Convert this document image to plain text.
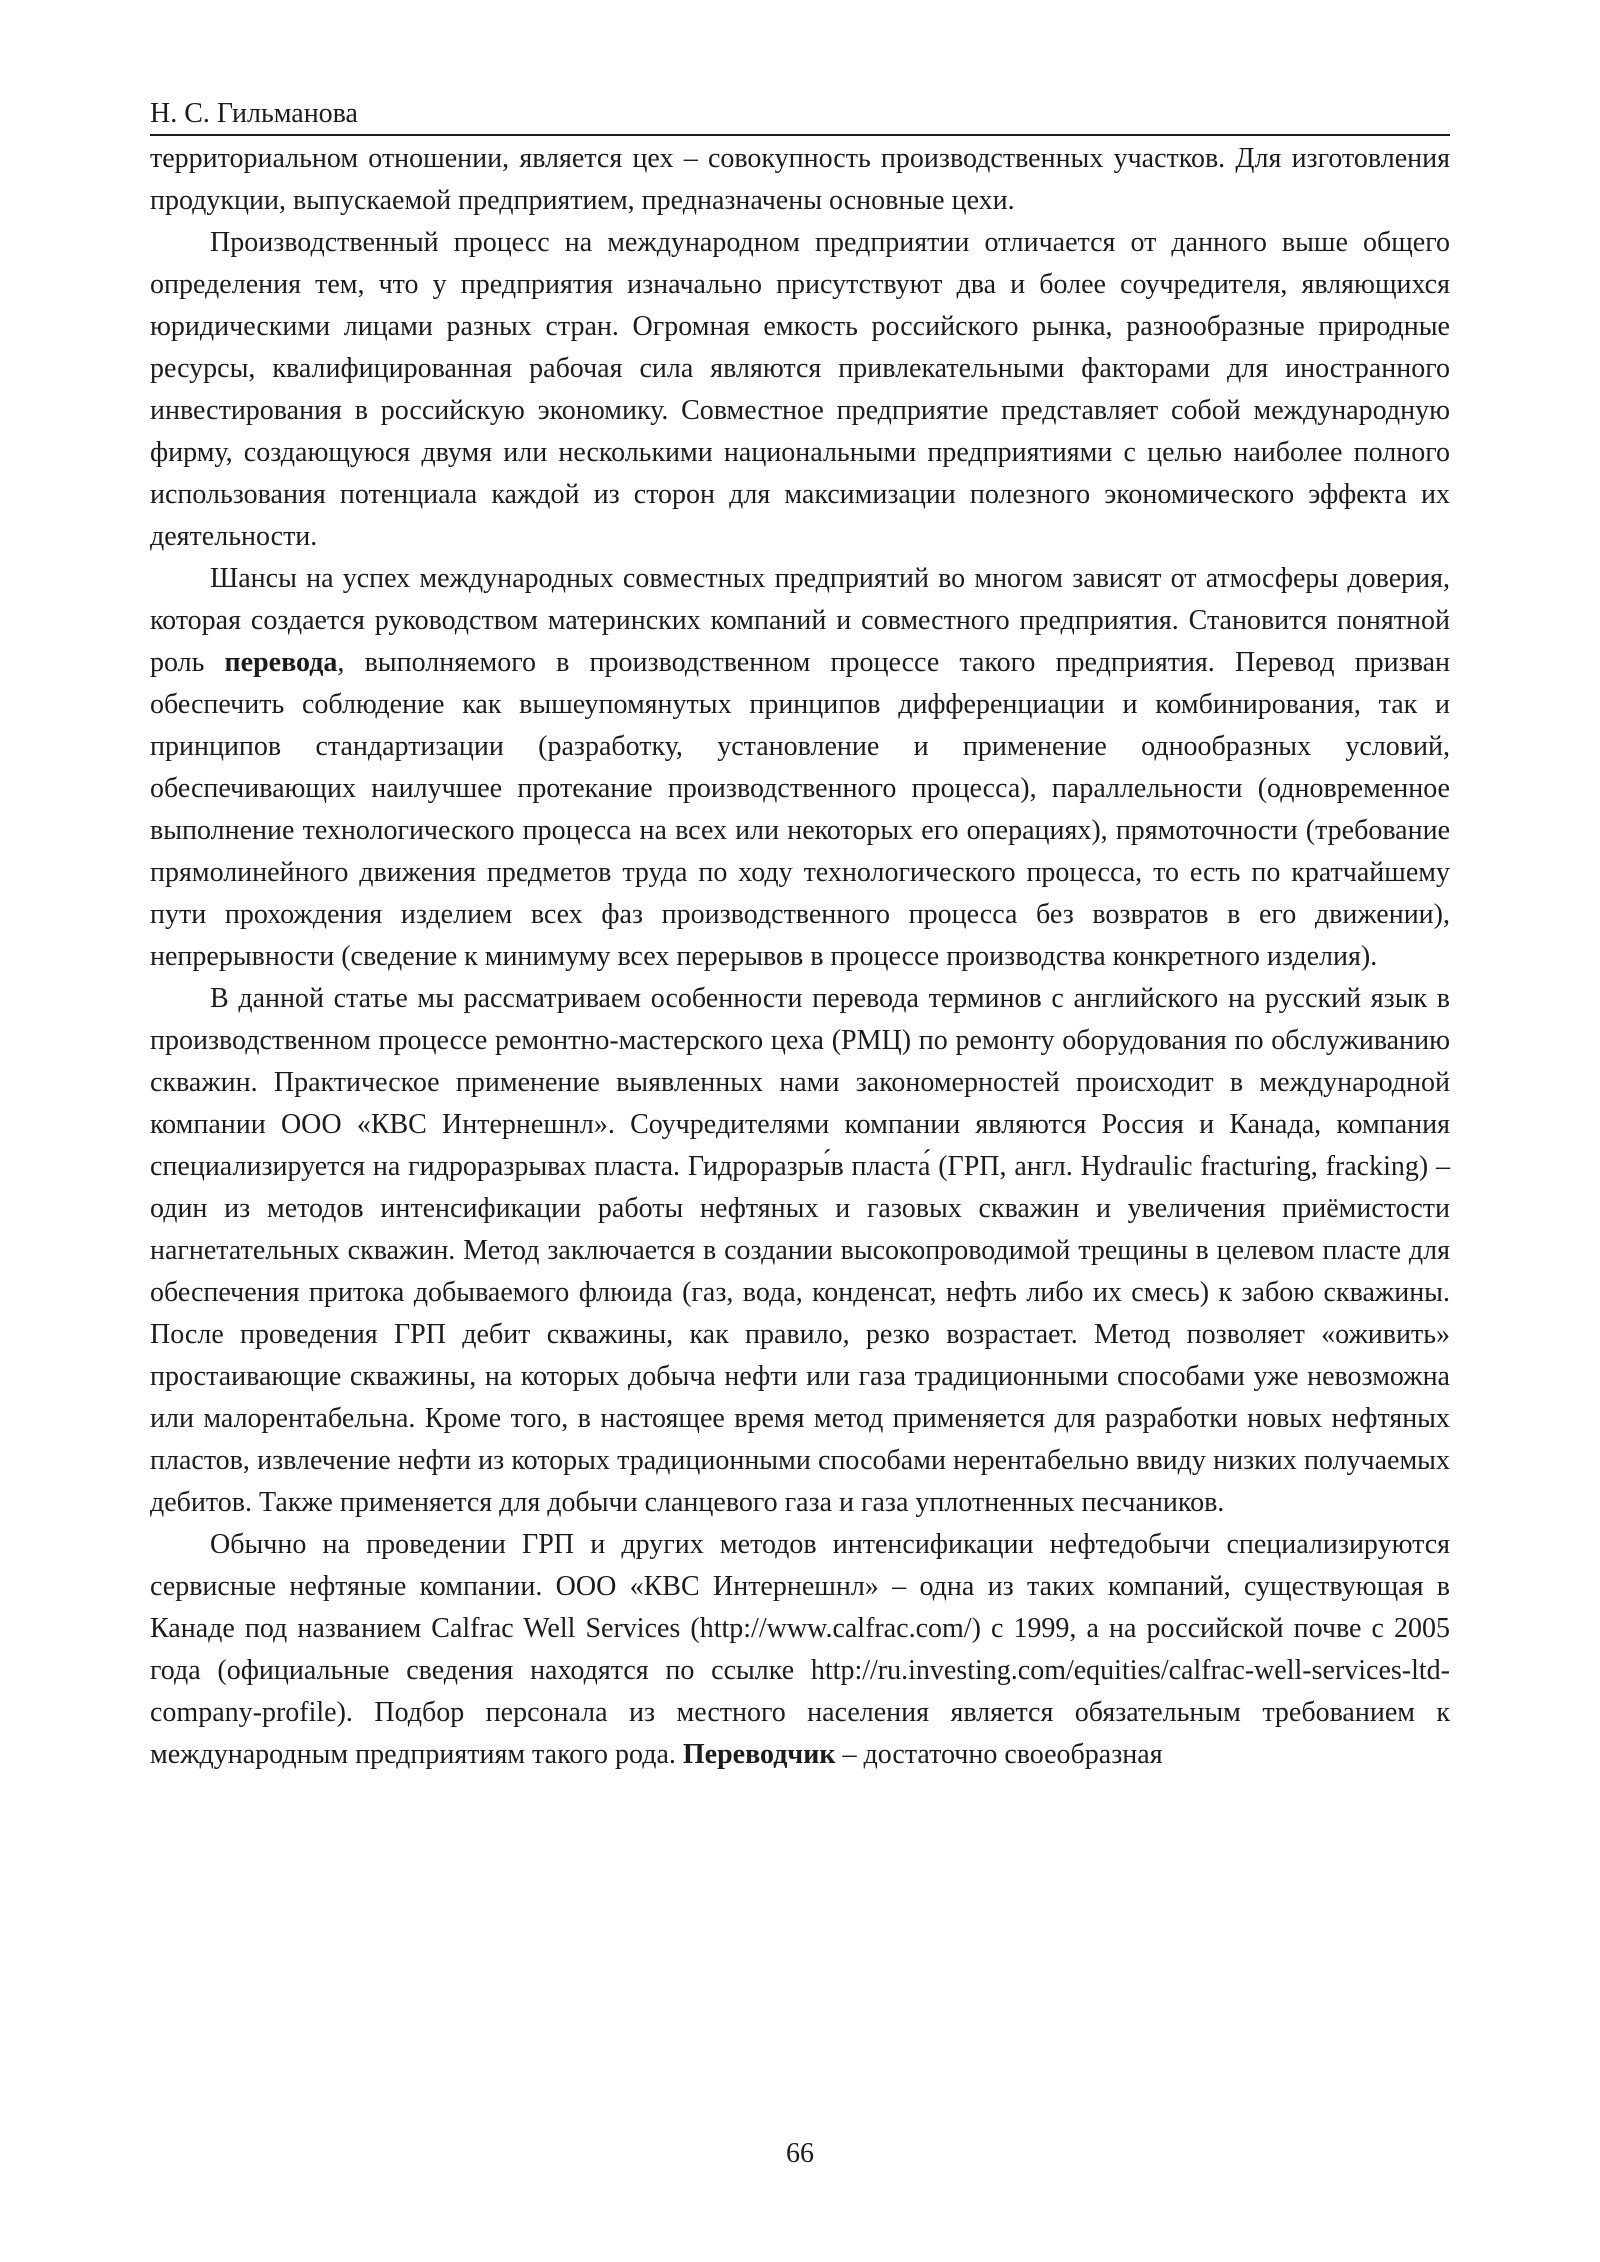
Н. С. Гильманова

территориальном отношении, является цех – совокупность производственных участков. Для изготовления продукции, выпускаемой предприятием, предназначены основные цехи.

Производственный процесс на международном предприятии отличается от данного выше общего определения тем, что у предприятия изначально присутствуют два и более соучредителя, являющихся юридическими лицами разных стран. Огромная емкость российского рынка, разнообразные природные ресурсы, квалифицированная рабочая сила являются привлекательными факторами для иностранного инвестирования в российскую экономику. Совместное предприятие представляет собой международную фирму, создающуюся двумя или несколькими национальными предприятиями с целью наиболее полного использования потенциала каждой из сторон для максимизации полезного экономического эффекта их деятельности.

Шансы на успех международных совместных предприятий во многом зависят от атмосферы доверия, которая создается руководством материнских компаний и совместного предприятия. Становится понятной роль перевода, выполняемого в производственном процессе такого предприятия. Перевод призван обеспечить соблюдение как вышеупомянутых принципов дифференциации и комбинирования, так и принципов стандартизации (разработку, установление и применение однообразных условий, обеспечивающих наилучшее протекание производственного процесса), параллельности (одновременное выполнение технологического процесса на всех или некоторых его операциях), прямоточности (требование прямолинейного движения предметов труда по ходу технологического процесса, то есть по кратчайшему пути прохождения изделием всех фаз производственного процесса без возвратов в его движении), непрерывности (сведение к минимуму всех перерывов в процессе производства конкретного изделия).

В данной статье мы рассматриваем особенности перевода терминов с английского на русский язык в производственном процессе ремонтно-мастерского цеха (РМЦ) по ремонту оборудования по обслуживанию скважин. Практическое применение выявленных нами закономерностей происходит в международной компании ООО «КВС Интернешнл». Соучредителями компании являются Россия и Канада, компания специализируется на гидроразрывах пласта. Гидроразры́в пласта́ (ГРП, англ. Hydraulic fracturing, fracking) – один из методов интенсификации работы нефтяных и газовых скважин и увеличения приёмистости нагнетательных скважин. Метод заключается в создании высокопроводимой трещины в целевом пласте для обеспечения притока добываемого флюида (газ, вода, конденсат, нефть либо их смесь) к забою скважины. После проведения ГРП дебит скважины, как правило, резко возрастает. Метод позволяет «оживить» простаивающие скважины, на которых добыча нефти или газа традиционными способами уже невозможна или малорентабельна. Кроме того, в настоящее время метод применяется для разработки новых нефтяных пластов, извлечение нефти из которых традиционными способами нерентабельно ввиду низких получаемых дебитов. Также применяется для добычи сланцевого газа и газа уплотненных песчаников.

Обычно на проведении ГРП и других методов интенсификации нефтедобычи специализируются сервисные нефтяные компании. ООО «КВС Интернешнл» – одна из таких компаний, существующая в Канаде под названием Calfrac Well Services (http://www.calfrac.com/) с 1999, а на российской почве с 2005 года (официальные сведения находятся по ссылке http://ru.investing.com/equities/calfrac-well-services-ltd-company-profile). Подбор персонала из местного населения является обязательным требованием к международным предприятиям такого рода. Переводчик – достаточно своеобразная

66
